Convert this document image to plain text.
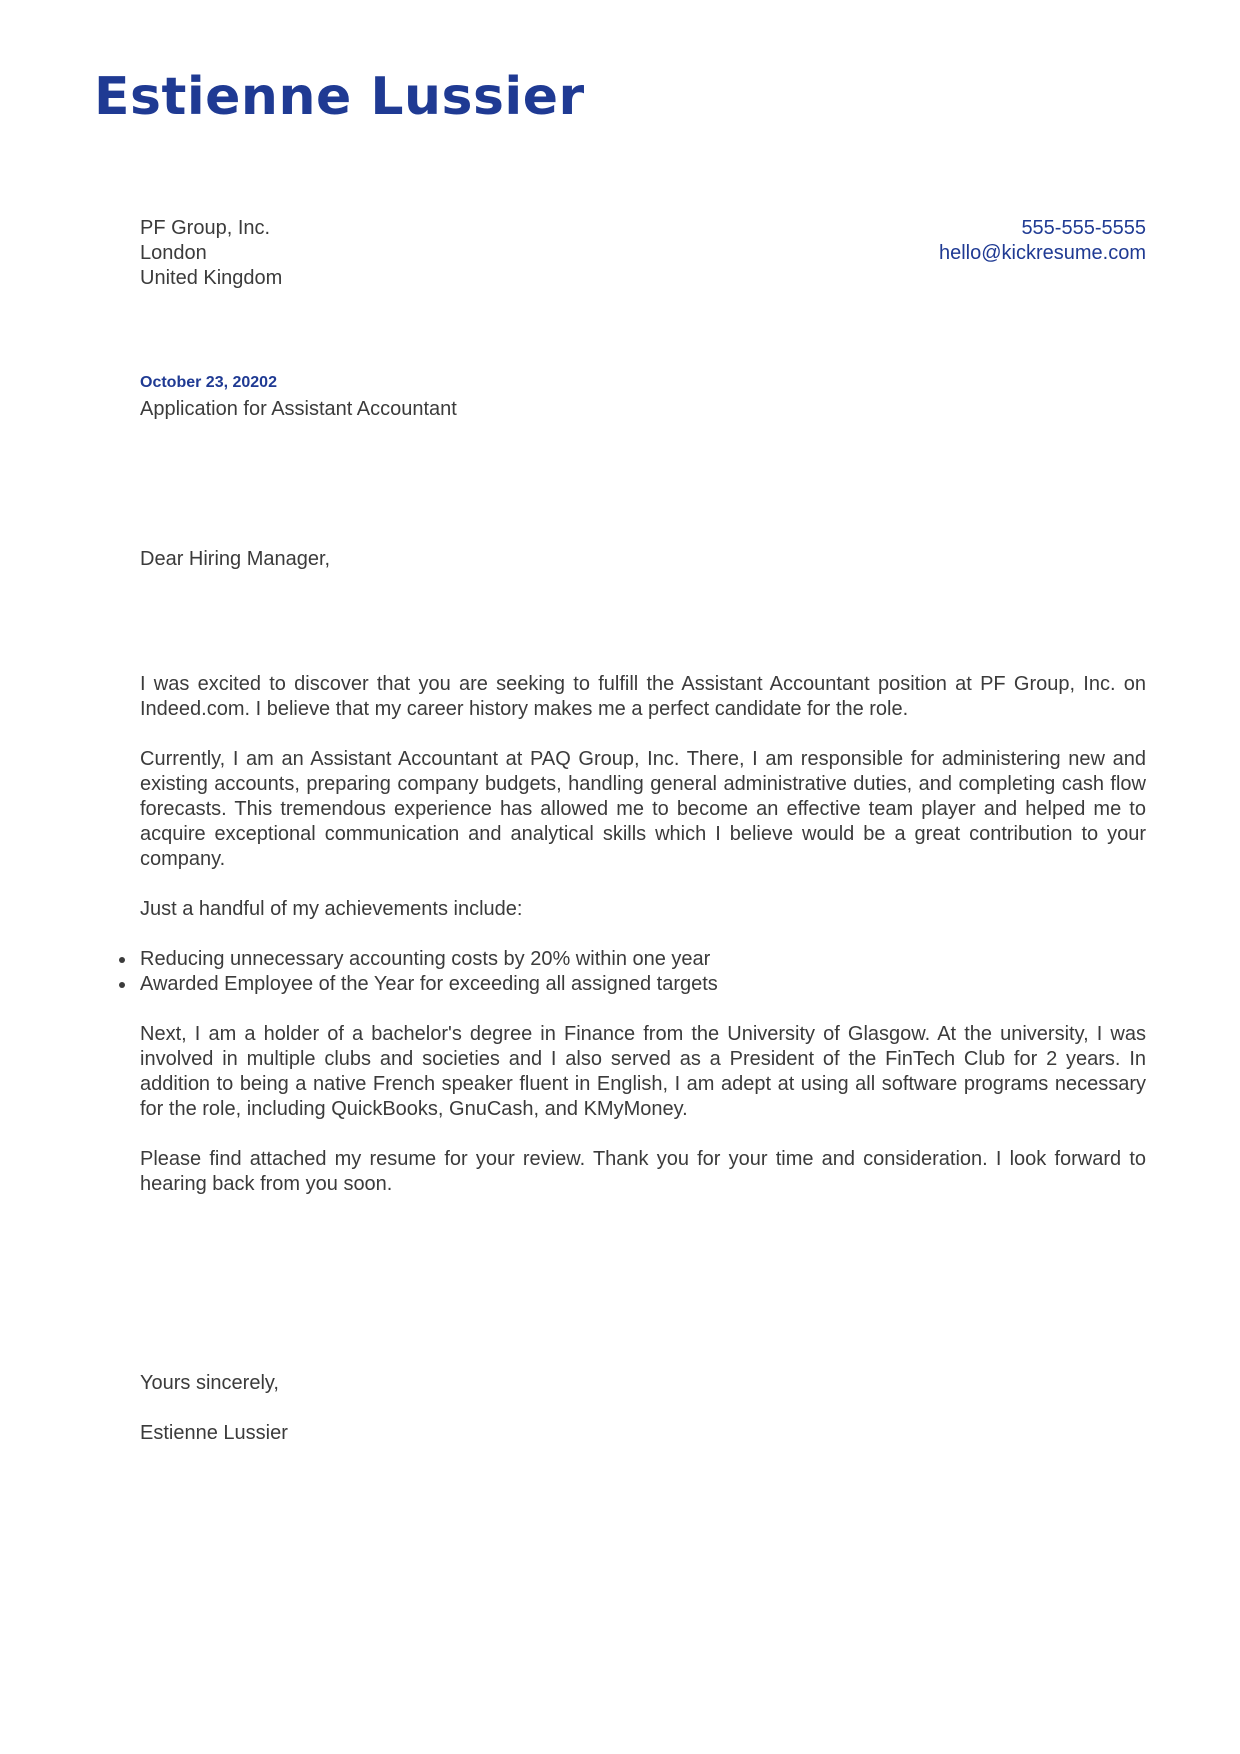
Estienne Lussier
PF Group, Inc.
London
United Kingdom
555-555-5555
hello@kickresume.com
October 23, 20202
Application for Assistant Accountant
Dear Hiring Manager,

I was excited to discover that you are seeking to fulfill the Assistant Accountant position at PF Group, Inc. on Indeed.com. I believe that my career history makes me a perfect candidate for the role.

Currently, I am an Assistant Accountant at PAQ Group, Inc. There, I am responsible for administering new and existing accounts, preparing company budgets, handling general administrative duties, and completing cash flow forecasts. This tremendous experience has allowed me to become an effective team player and helped me to acquire exceptional communication and analytical skills which I believe would be a great contribution to your company.

Just a handful of my achievements include:

Reducing unnecessary accounting costs by 20% within one year
Awarded Employee of the Year for exceeding all assigned targets

Next, I am a holder of a bachelor's degree in Finance from the University of Glasgow. At the university, I was involved in multiple clubs and societies and I also served as a President of the FinTech Club for 2 years. In addition to being a native French speaker fluent in English, I am adept at using all software programs necessary for the role, including QuickBooks, GnuCash, and KMyMoney.

Please find attached my resume for your review. Thank you for your time and consideration. I look forward to hearing back from you soon.

Yours sincerely,
Estienne Lussier
